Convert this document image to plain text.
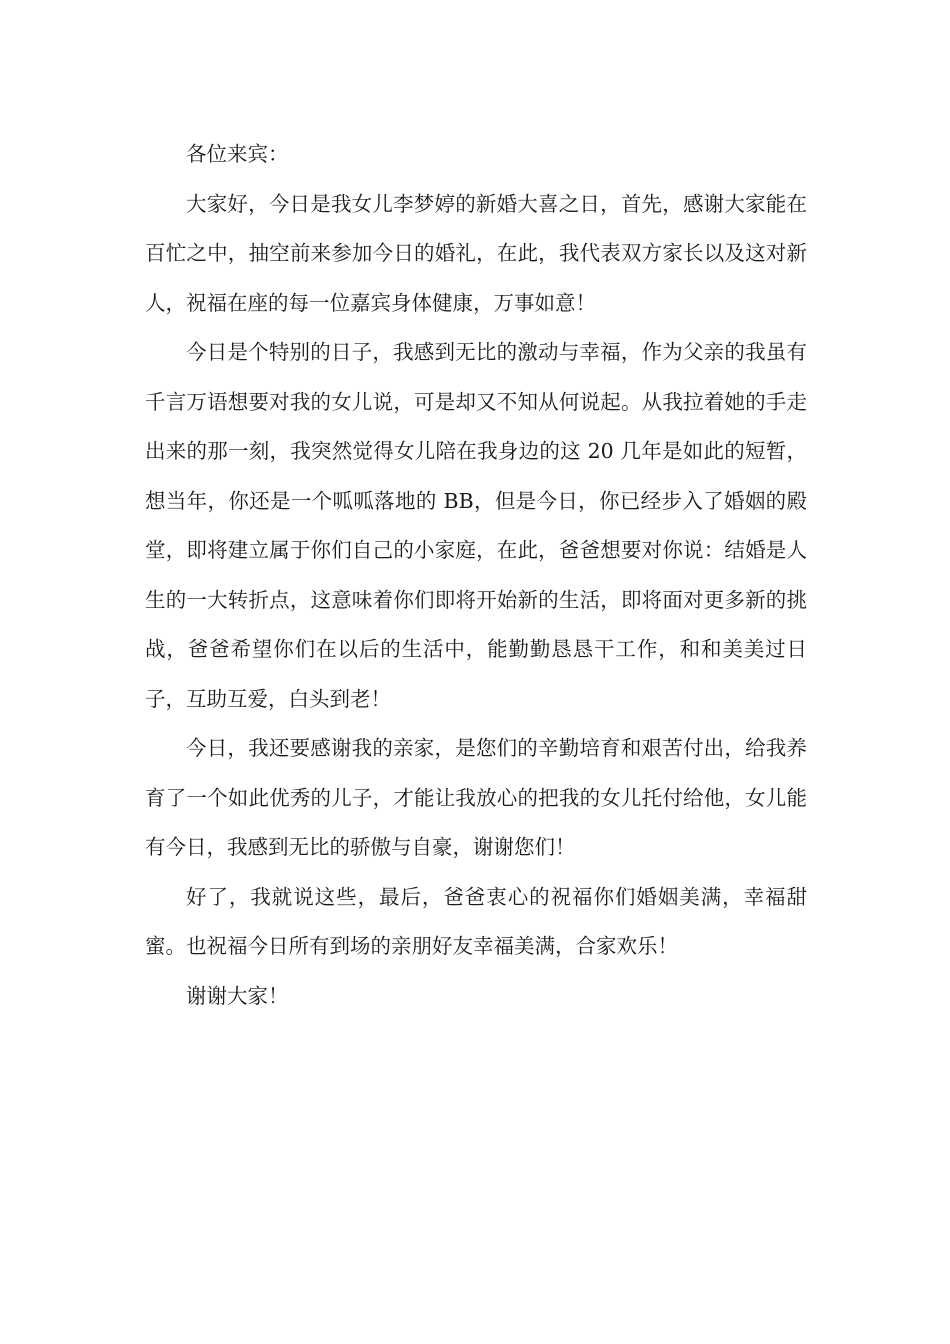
各位来宾：

大家好，今日是我女儿李梦婷的新婚大喜之日，首先，感谢大家能在百忙之中，抽空前来参加今日的婚礼，在此，我代表双方家长以及这对新人，祝福在座的每一位嘉宾身体健康，万事如意！

今日是个特别的日子，我感到无比的激动与幸福，作为父亲的我虽有千言万语想要对我的女儿说，可是却又不知从何说起。从我拉着她的手走出来的那一刻，我突然觉得女儿陪在我身边的这 20 几年是如此的短暂，想当年，你还是一个呱呱落地的 BB，但是今日，你已经步入了婚姻的殿堂，即将建立属于你们自己的小家庭，在此，爸爸想要对你说：结婚是人生的一大转折点，这意味着你们即将开始新的生活，即将面对更多新的挑战，爸爸希望你们在以后的生活中，能勤勤恳恳干工作，和和美美过日子，互助互爱，白头到老！

今日，我还要感谢我的亲家，是您们的辛勤培育和艰苦付出，给我养育了一个如此优秀的儿子，才能让我放心的把我的女儿托付给他，女儿能有今日，我感到无比的骄傲与自豪，谢谢您们！

好了，我就说这些，最后，爸爸衷心的祝福你们婚姻美满，幸福甜蜜。也祝福今日所有到场的亲朋好友幸福美满，合家欢乐！

谢谢大家！
